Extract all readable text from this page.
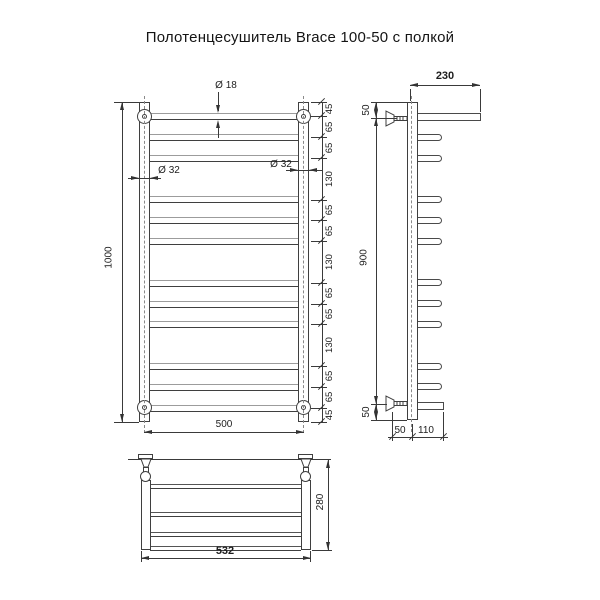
Полотенцесушитель Brace 100-50 с полкой
1000
500
Ø 18
Ø 32
Ø 32
45
65
65
130
65
65
130
65
65
130
65
65
45
230
50
900
50
50	110
532
280
